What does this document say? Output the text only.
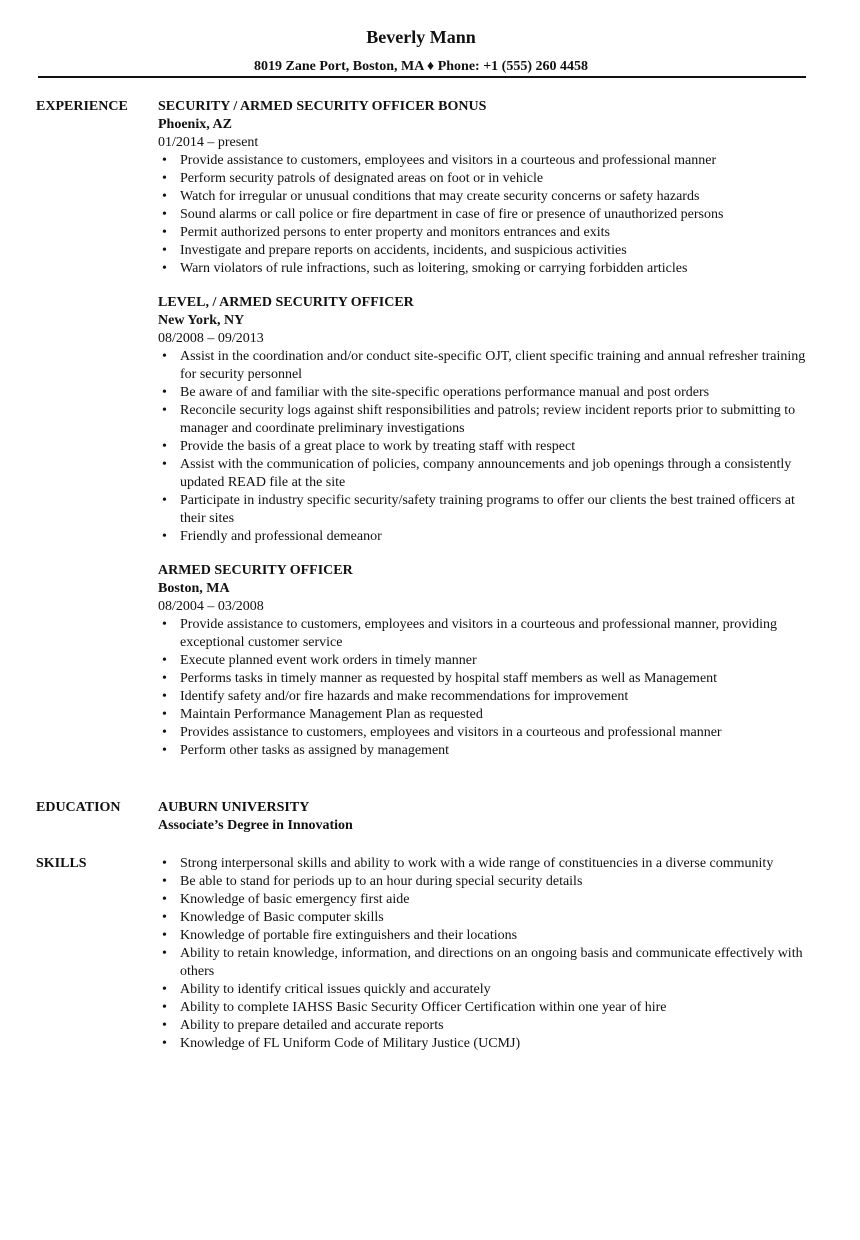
Beverly Mann
8019 Zane Port, Boston, MA ♦ Phone: +1 (555) 260 4458
EXPERIENCE SECURITY / ARMED SECURITY OFFICER BONUS
Phoenix, AZ
01/2014 – present
• Provide assistance to customers, employees and visitors in a courteous and professional manner
• Perform security patrols of designated areas on foot or in vehicle
• Watch for irregular or unusual conditions that may create security concerns or safety hazards
• Sound alarms or call police or fire department in case of fire or presence of unauthorized persons
• Permit authorized persons to enter property and monitors entrances and exits
• Investigate and prepare reports on accidents, incidents, and suspicious activities
• Warn violators of rule infractions, such as loitering, smoking or carrying forbidden articles
LEVEL, / ARMED SECURITY OFFICER
New York, NY
08/2008 – 09/2013
• Assist in the coordination and/or conduct site-specific OJT, client specific training and annual refresher training for security personnel
• Be aware of and familiar with the site-specific operations performance manual and post orders
• Reconcile security logs against shift responsibilities and patrols; review incident reports prior to submitting to manager and coordinate preliminary investigations
• Provide the basis of a great place to work by treating staff with respect
• Assist with the communication of policies, company announcements and job openings through a consistently updated READ file at the site
• Participate in industry specific security/safety training programs to offer our clients the best trained officers at their sites
• Friendly and professional demeanor
ARMED SECURITY OFFICER
Boston, MA
08/2004 – 03/2008
• Provide assistance to customers, employees and visitors in a courteous and professional manner, providing exceptional customer service
• Execute planned event work orders in timely manner
• Performs tasks in timely manner as requested by hospital staff members as well as Management
• Identify safety and/or fire hazards and make recommendations for improvement
• Maintain Performance Management Plan as requested
• Provides assistance to customers, employees and visitors in a courteous and professional manner
• Perform other tasks as assigned by management
EDUCATION	AUBURN UNIVERSITY
Associate’s Degree in Innovation
SKILLS
•	Strong interpersonal skills and ability to work with a wide range of constituencies in a diverse community
• Be able to stand for periods up to an hour during special security details
• Knowledge of basic emergency first aide
• Knowledge of Basic computer skills
• Knowledge of portable fire extinguishers and their locations
• Ability to retain knowledge, information, and directions on an ongoing basis and communicate effectively with others
• Ability to identify critical issues quickly and accurately
• Ability to complete IAHSS Basic Security Officer Certification within one year of hire
• Ability to prepare detailed and accurate reports
• Knowledge of FL Uniform Code of Military Justice (UCMJ)
